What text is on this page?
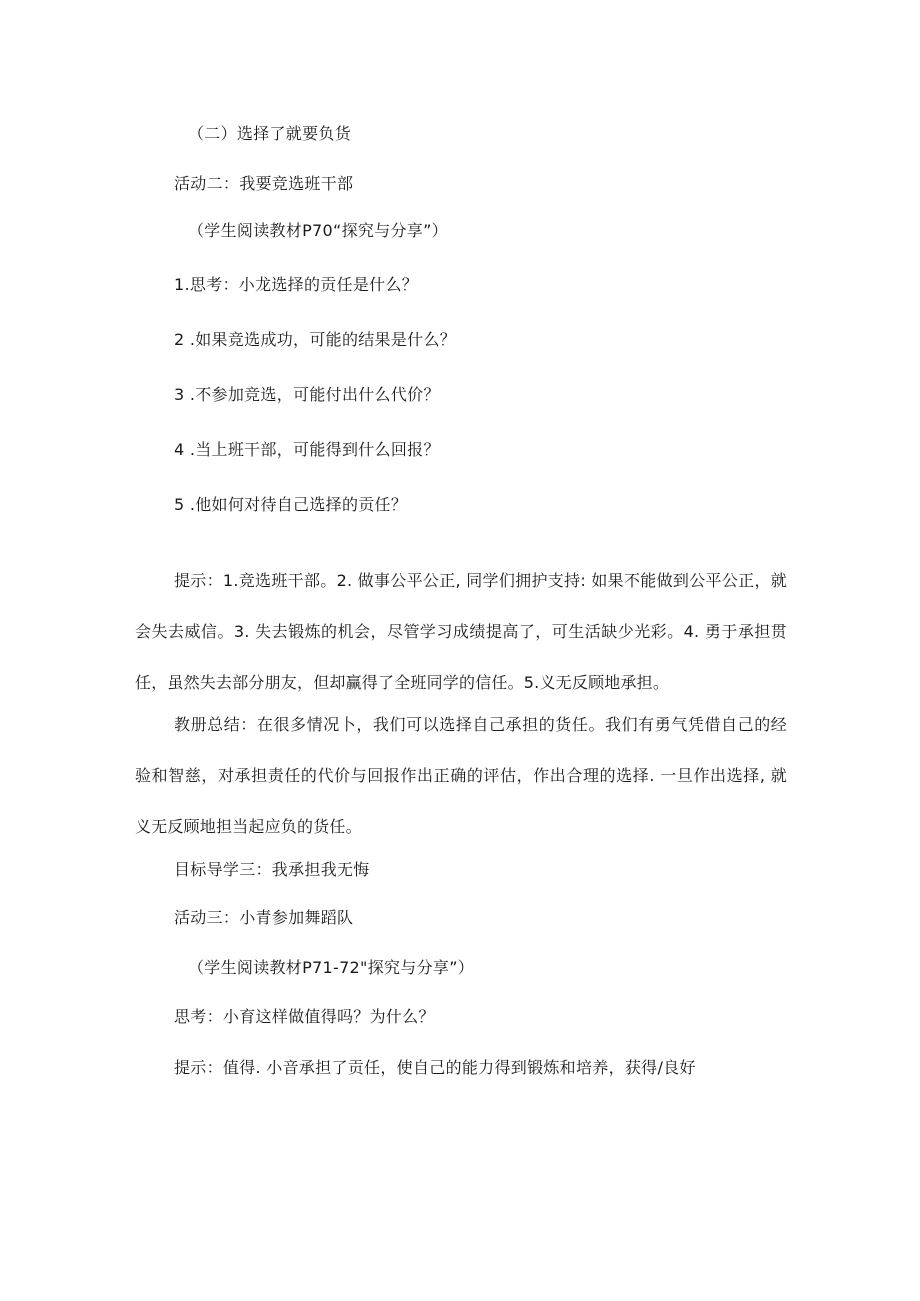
（二）选择了就要负货
活动二：我要竞选班干部
（学生阅读教材P70“探究与分享”）
1.思考：小龙选择的贡任是什么？
2 .如果竞选成功，可能的结果是什么？
3 .不参加竞选，可能付出什么代价？
4 .当上班干部，可能得到什么回报？
5 .他如何对待自己选择的贡任？
提示：1.竞选班干部。2. 做事公平公正, 同学们拥护支持: 如果不能做到公平公正，就会失去威信。3. 失去锻炼的机会，尽管学习成绩提高了，可生活缺少光彩。4. 勇于承担贯任，虽然失去部分朋友，但却赢得了全班同学的信任。5.义无反顾地承担。
教册总结：在很多情况卜，我们可以选择自己承担的货任。我们有勇气凭借自己的经验和智慈，对承担责任的代价与回报作出正确的评估，作出合理的选择. 一旦作出选择, 就义无反顾地担当起应负的货任。
目标导学三：我承担我无悔
活动三：小青参加舞蹈队
（学生阅读教材P71-72"探究与分享”）
思考：小育这样做值得吗？为什么？
提示：值得. 小音承担了贡任，使自己的能力得到锻炼和培养，获得/良好
